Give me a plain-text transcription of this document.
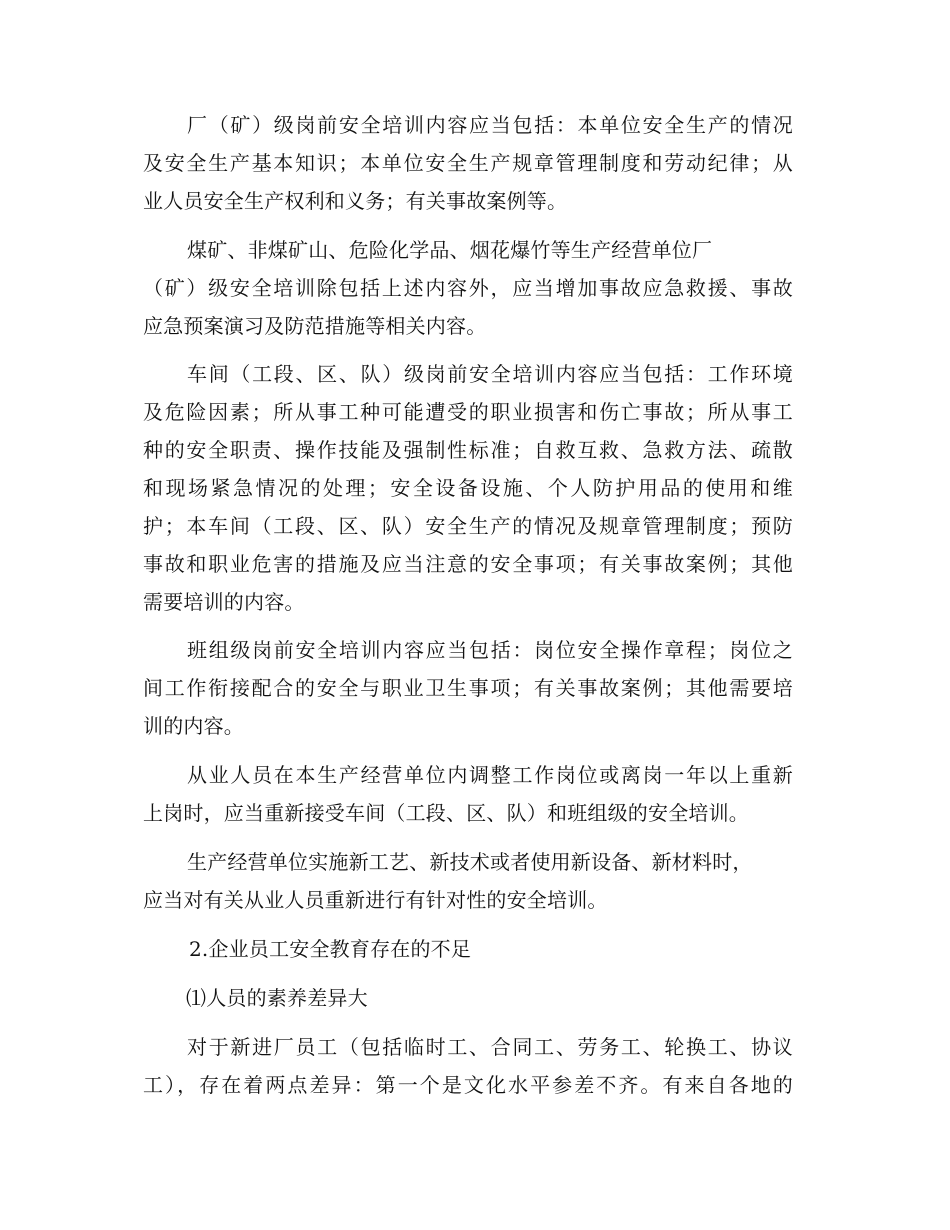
厂（矿）级岗前安全培训内容应当包括：本单位安全生产的情况
及安全生产基本知识；本单位安全生产规章管理制度和劳动纪律；从
业人员安全生产权利和义务；有关事故案例等。
煤矿、非煤矿山、危险化学品、烟花爆竹等生产经营单位厂
（矿）级安全培训除包括上述内容外，应当增加事故应急救援、事故
应急预案演习及防范措施等相关内容。
车间（工段、区、队）级岗前安全培训内容应当包括：工作环境
及危险因素；所从事工种可能遭受的职业损害和伤亡事故；所从事工
种的安全职责、操作技能及强制性标准；自救互救、急救方法、疏散
和现场紧急情况的处理；安全设备设施、个人防护用品的使用和维
护；本车间（工段、区、队）安全生产的情况及规章管理制度；预防
事故和职业危害的措施及应当注意的安全事项；有关事故案例；其他
需要培训的内容。
班组级岗前安全培训内容应当包括：岗位安全操作章程；岗位之
间工作衔接配合的安全与职业卫生事项；有关事故案例；其他需要培
训的内容。
从业人员在本生产经营单位内调整工作岗位或离岗一年以上重新
上岗时，应当重新接受车间（工段、区、队）和班组级的安全培训。
生产经营单位实施新工艺、新技术或者使用新设备、新材料时，
应当对有关从业人员重新进行有针对性的安全培训。
2.企业员工安全教育存在的不足
⑴人员的素养差异大
对于新进厂员工（包括临时工、合同工、劳务工、轮换工、协议
工），存在着两点差异：第一个是文化水平参差不齐。有来自各地的
